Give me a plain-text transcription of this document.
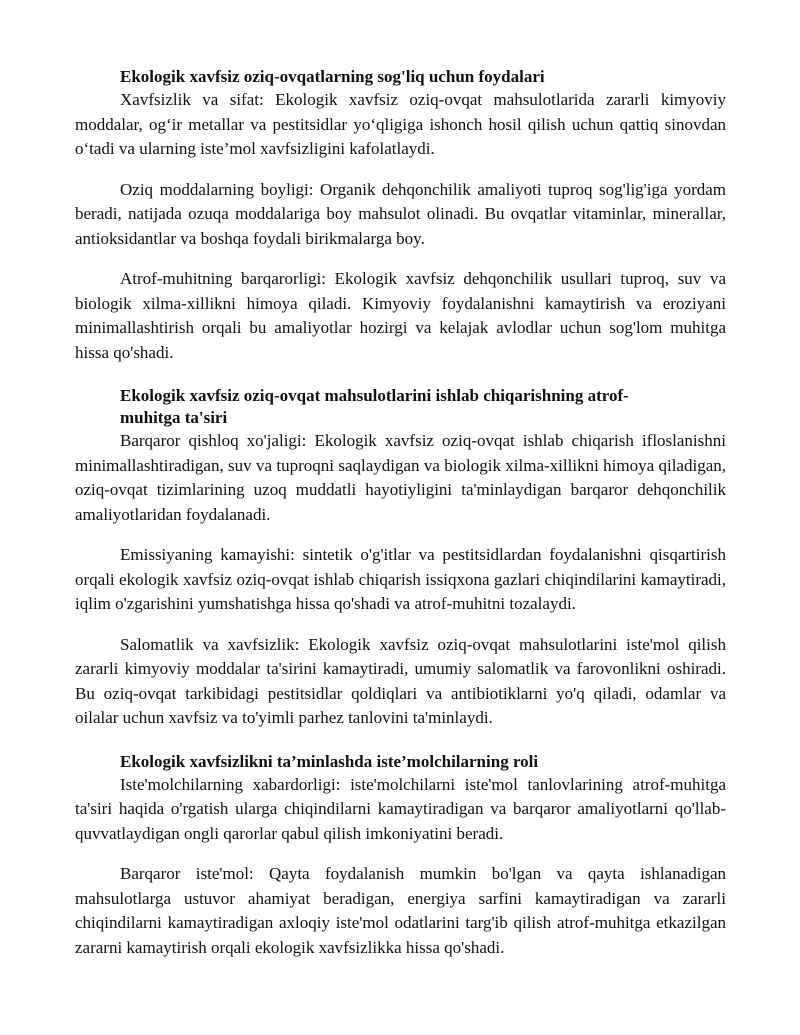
Ekologik xavfsiz oziq-ovqatlarning sog'liq uchun foydalari

Xavfsizlik va sifat: Ekologik xavfsiz oziq-ovqat mahsulotlarida zararli kimyoviy moddalar, og‘ir metallar va pestitsidlar yo‘qligiga ishonch hosil qilish uchun qattiq sinovdan o‘tadi va ularning iste’mol xavfsizligini kafolatlaydi.

Oziq moddalarning boyligi: Organik dehqonchilik amaliyoti tuproq sog'lig'iga yordam beradi, natijada ozuqa moddalariga boy mahsulot olinadi. Bu ovqatlar vitaminlar, minerallar, antioksidantlar va boshqa foydali birikmalarga boy.

Atrof-muhitning barqarorligi: Ekologik xavfsiz dehqonchilik usullari tuproq, suv va biologik xilma-xillikni himoya qiladi. Kimyoviy foydalanishni kamaytirish va eroziyani minimallashtirish orqali bu amaliyotlar hozirgi va kelajak avlodlar uchun sog'lom muhitga hissa qo'shadi.

Ekologik xavfsiz oziq-ovqat mahsulotlarini ishlab chiqarishning atrof-muhitga ta'siri

Barqaror qishloq xo'jaligi: Ekologik xavfsiz oziq-ovqat ishlab chiqarish ifloslanishni minimallashtiradigan, suv va tuproqni saqlaydigan va biologik xilma-xillikni himoya qiladigan, oziq-ovqat tizimlarining uzoq muddatli hayotiyligini ta'minlaydigan barqaror dehqonchilik amaliyotlaridan foydalanadi.

Emissiyaning kamayishi: sintetik o'g'itlar va pestitsidlardan foydalanishni qisqartirish orqali ekologik xavfsiz oziq-ovqat ishlab chiqarish issiqxona gazlari chiqindilarini kamaytiradi, iqlim o'zgarishini yumshatishga hissa qo'shadi va atrof-muhitni tozalaydi.

Salomatlik va xavfsizlik: Ekologik xavfsiz oziq-ovqat mahsulotlarini iste'mol qilish zararli kimyoviy moddalar ta'sirini kamaytiradi, umumiy salomatlik va farovonlikni oshiradi. Bu oziq-ovqat tarkibidagi pestitsidlar qoldiqlari va antibiotiklarni yo'q qiladi, odamlar va oilalar uchun xavfsiz va to'yimli parhez tanlovini ta'minlaydi.

Ekologik xavfsizlikni ta’minlashda iste’molchilarning roli

Iste'molchilarning xabardorligi: iste'molchilarni iste'mol tanlovlarining atrof-muhitga ta'siri haqida o'rgatish ularga chiqindilarni kamaytiradigan va barqaror amaliyotlarni qo'llab-quvvatlaydigan ongli qarorlar qabul qilish imkoniyatini beradi.

Barqaror iste'mol: Qayta foydalanish mumkin bo'lgan va qayta ishlanadigan mahsulotlarga ustuvor ahamiyat beradigan, energiya sarfini kamaytiradigan va zararli chiqindilarni kamaytiradigan axloqiy iste'mol odatlarini targ'ib qilish atrof-muhitga etkazilgan zararni kamaytirish orqali ekologik xavfsizlikka hissa qo'shadi.
